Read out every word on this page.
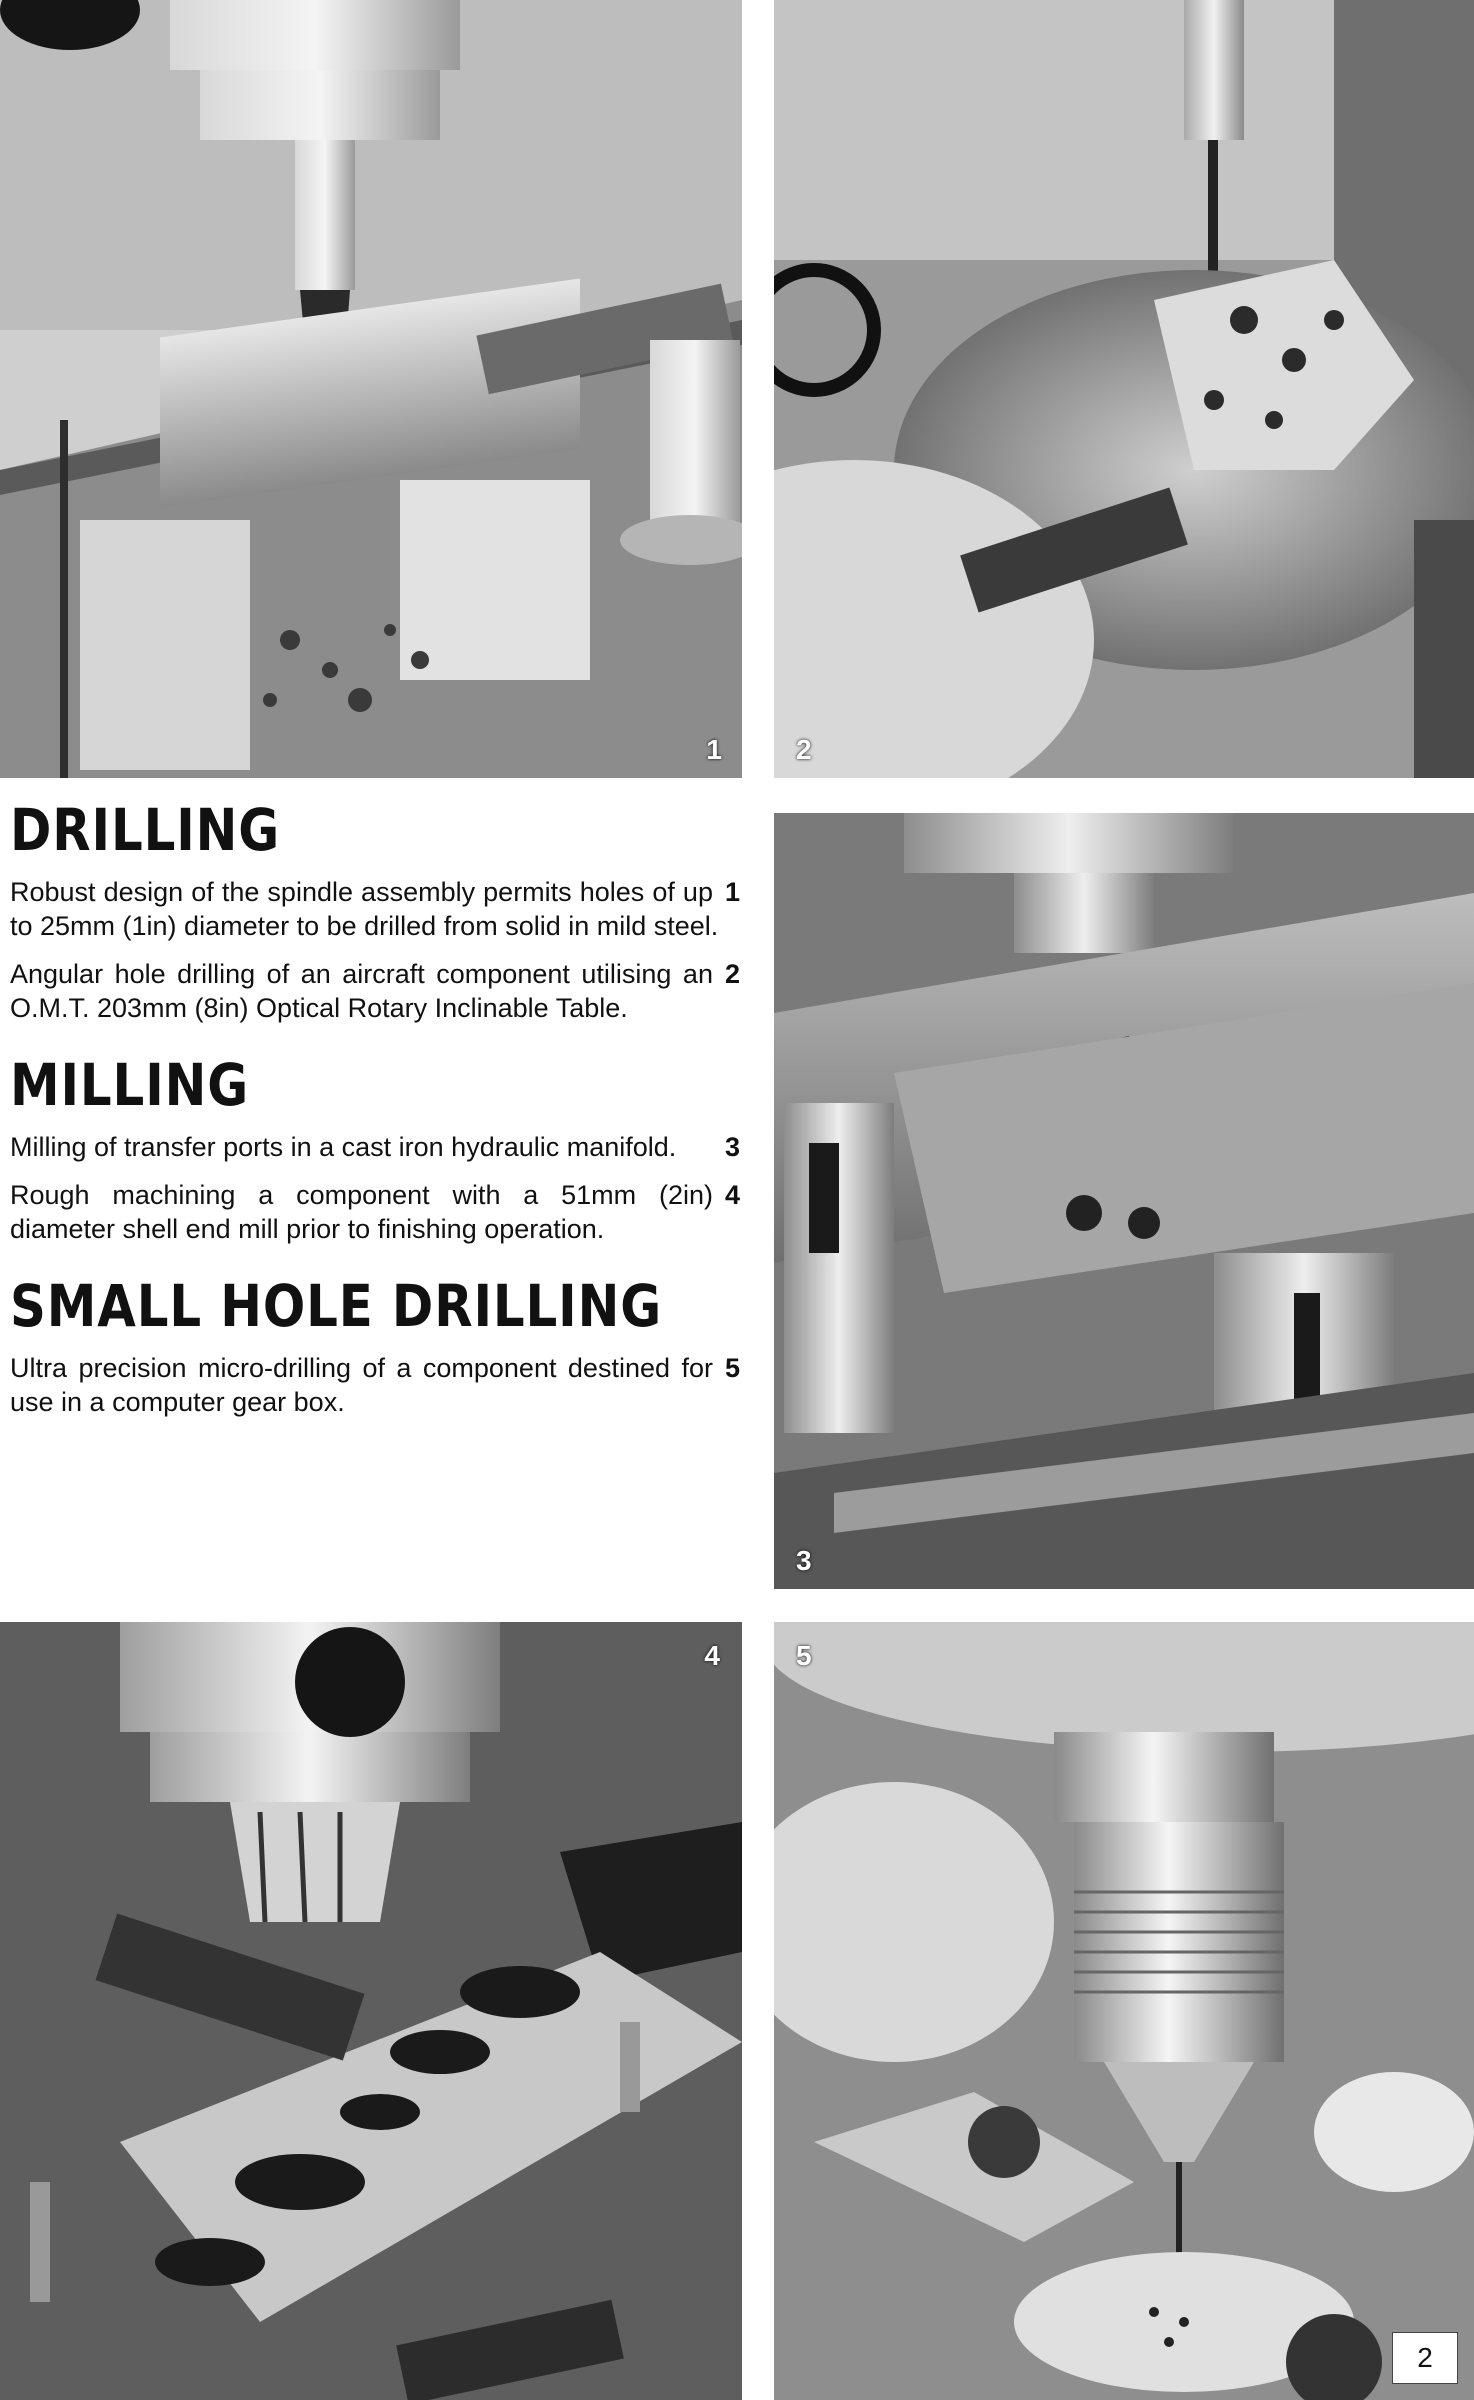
1	2
3
4	5
2
DRILLING

1
Robust design of the spindle assembly permits holes of up to 25mm (1in) diameter to be drilled from solid in mild steel.

2
Angular hole drilling of an aircraft component utilising an O.M.T. 203mm (8in) Optical Rotary Inclinable Table.

MILLING

3
Milling of transfer ports in a cast iron hydraulic manifold.

4
Rough machining a component with a 51mm (2in) diameter shell end mill prior to finishing operation.

SMALL HOLE DRILLING

5
Ultra precision micro-drilling of a component destined for use in a computer gear box.
